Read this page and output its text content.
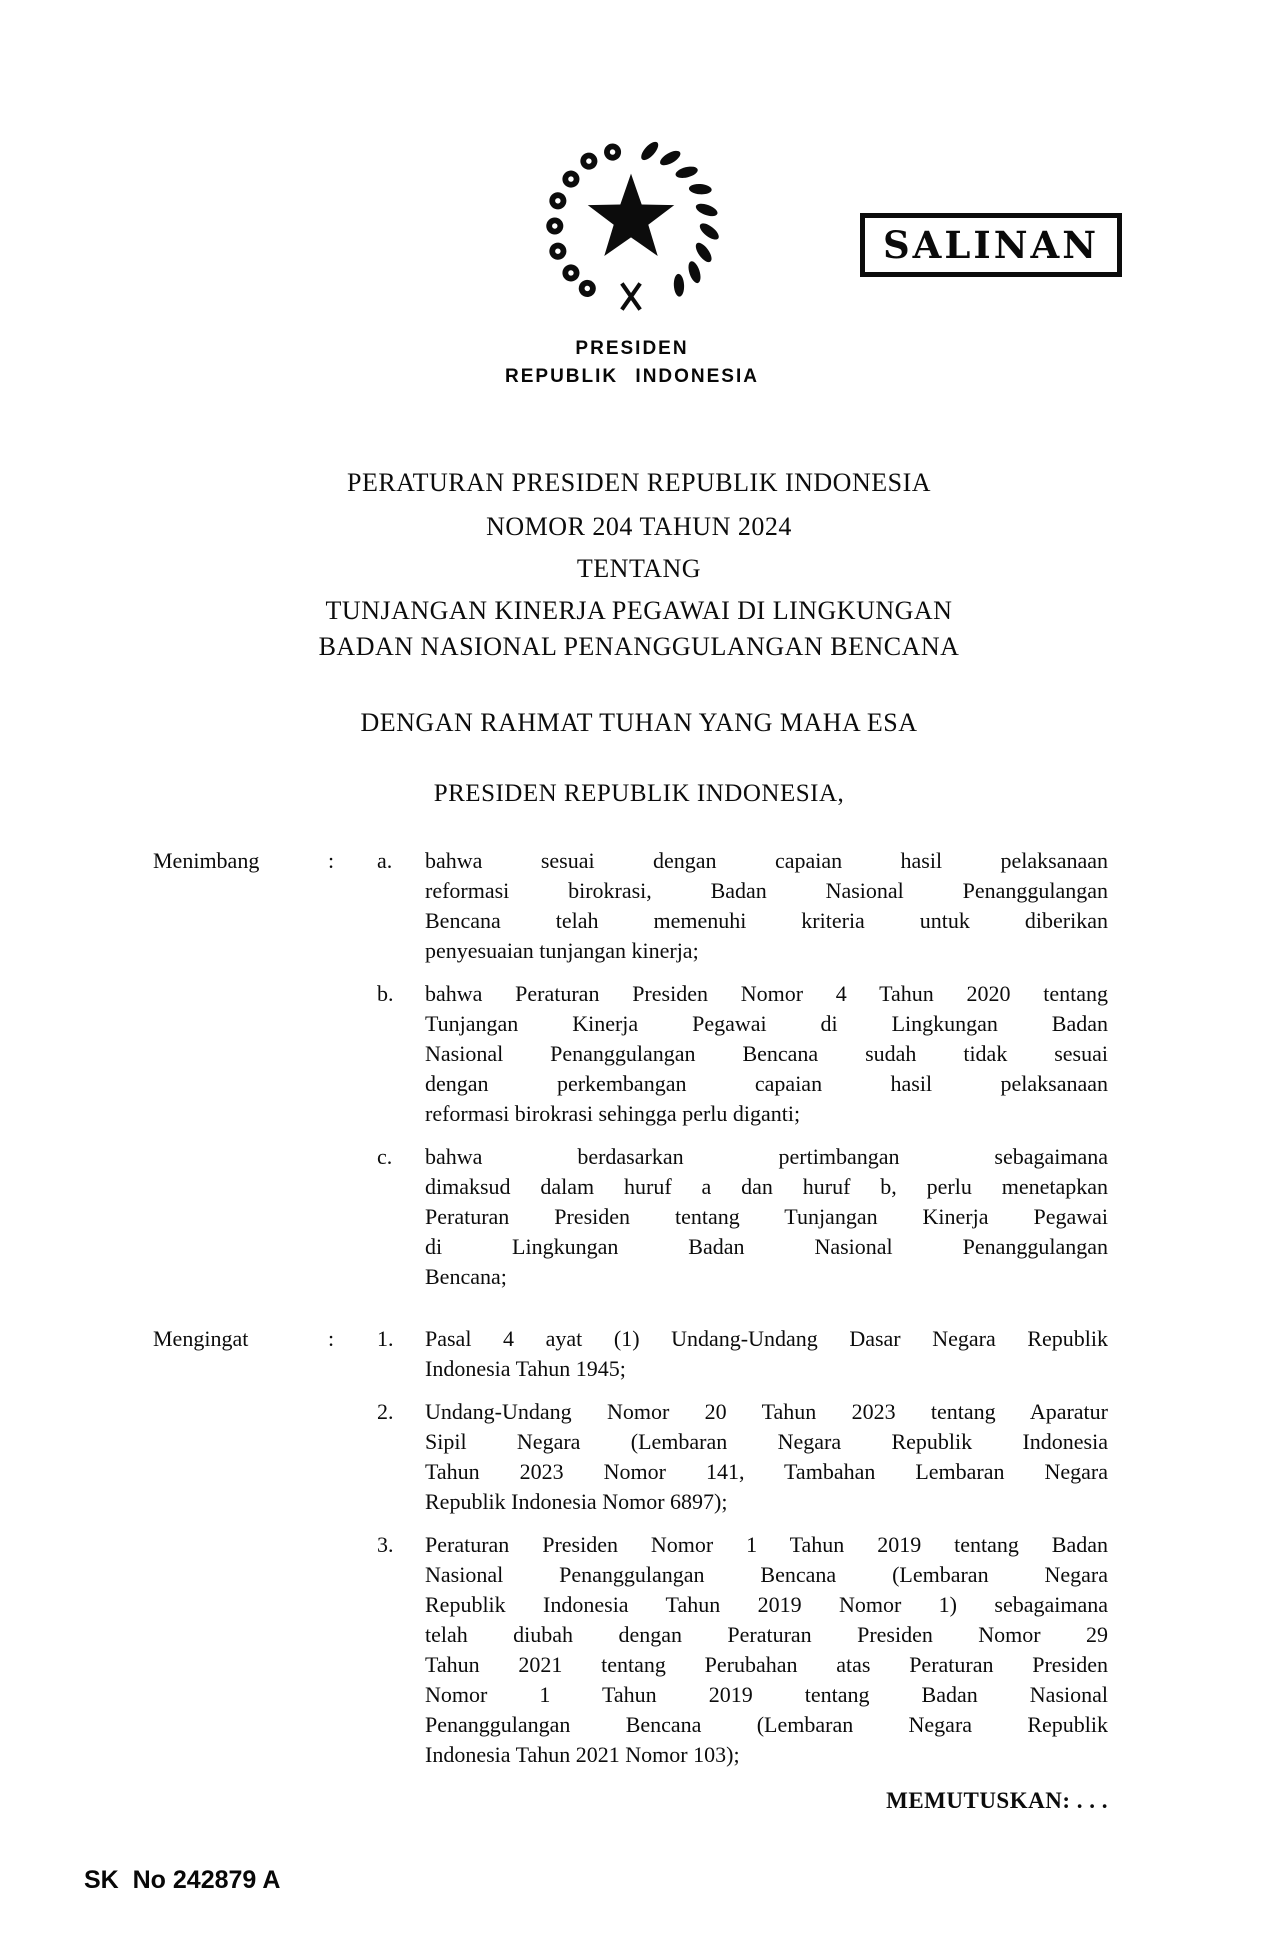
SALINAN
PRESIDEN
REPUBLIK INDONESIA
PERATURAN PRESIDEN REPUBLIK INDONESIA
NOMOR 204 TAHUN 2024
TENTANG
TUNJANGAN KINERJA PEGAWAI DI LINGKUNGAN
BADAN NASIONAL PENANGGULANGAN BENCANA
DENGAN RAHMAT TUHAN YANG MAHA ESA
PRESIDEN REPUBLIK INDONESIA,
Menimbang	:	a.	bahwa sesuai dengan capaian hasil pelaksanaan
reformasi birokrasi, Badan Nasional Penanggulangan
Bencana telah memenuhi kriteria untuk diberikan
penyesuaian tunjangan kinerja;
b.	bahwa Peraturan Presiden Nomor 4 Tahun 2020 tentang
Tunjangan Kinerja Pegawai di Lingkungan Badan
Nasional Penanggulangan Bencana sudah tidak sesuai
dengan perkembangan capaian hasil pelaksanaan
reformasi birokrasi sehingga perlu diganti;
c.	bahwa berdasarkan pertimbangan sebagaimana
dimaksud dalam huruf a dan huruf b, perlu menetapkan
Peraturan Presiden tentang Tunjangan Kinerja Pegawai
di Lingkungan Badan Nasional Penanggulangan
Bencana;
Mengingat	:	1.	Pasal 4 ayat (1) Undang-Undang Dasar Negara Republik
Indonesia Tahun 1945;
2.	Undang-Undang Nomor 20 Tahun 2023 tentang Aparatur
Sipil Negara (Lembaran Negara Republik Indonesia
Tahun 2023 Nomor 141, Tambahan Lembaran Negara
Republik Indonesia Nomor 6897);
3.	Peraturan Presiden Nomor 1 Tahun 2019 tentang Badan
Nasional Penanggulangan Bencana (Lembaran Negara
Republik Indonesia Tahun 2019 Nomor 1) sebagaimana
telah diubah dengan Peraturan Presiden Nomor 29
Tahun 2021 tentang Perubahan atas Peraturan Presiden
Nomor 1 Tahun 2019 tentang Badan Nasional
Penanggulangan Bencana (Lembaran Negara Republik
Indonesia Tahun 2021 Nomor 103);
MEMUTUSKAN: . . .
SK  No 242879 A
